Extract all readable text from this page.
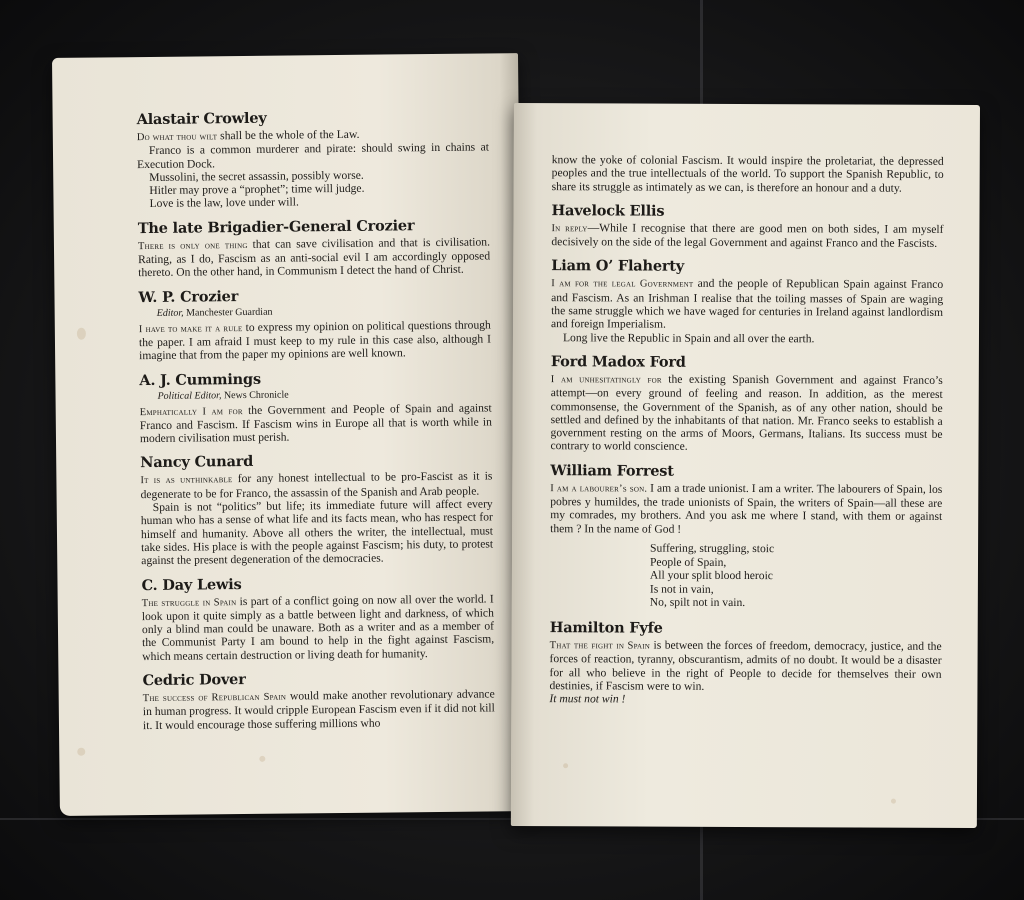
Alastair Crowley

Do what thou wilt shall be the whole of the Law.

Franco is a common murderer and pirate: should swing in chains at Execution Dock.

Mussolini, the secret assassin, possibly worse.

Hitler may prove a “prophet”; time will judge.

Love is the law, love under will.

The late Brigadier-General Crozier

There is only one thing that can save civilisation and that is civilisation. Rating, as I do, Fascism as an anti-social evil I am accordingly opposed thereto. On the other hand, in Communism I detect the hand of Christ.

W. P. Crozier
Editor, Manchester Guardian

I have to make it a rule to express my opinion on political questions through the paper. I am afraid I must keep to my rule in this case also, although I imagine that from the paper my opinions are well known.

A. J. Cummings
Political Editor, News Chronicle

Emphatically I am for the Government and People of Spain and against Franco and Fascism. If Fascism wins in Europe all that is worth while in modern civilisation must perish.

Nancy Cunard

It is as unthinkable for any honest intellectual to be pro-Fascist as it is degenerate to be for Franco, the assassin of the Spanish and Arab people.

Spain is not “politics” but life; its immediate future will affect every human who has a sense of what life and its facts mean, who has respect for himself and humanity. Above all others the writer, the intellectual, must take sides. His place is with the people against Fascism; his duty, to protest against the present degeneration of the democracies.

C. Day Lewis

The struggle in Spain is part of a conflict going on now all over the world. I look upon it quite simply as a battle between light and darkness, of which only a blind man could be unaware. Both as a writer and as a member of the Communist Party I am bound to help in the fight against Fascism, which means certain destruction or living death for humanity.

Cedric Dover

The success of Republican Spain would make another revolutionary advance in human progress. It would cripple European Fascism even if it did not kill it. It would encourage those suffering millions who

know the yoke of colonial Fascism. It would inspire the proletariat, the depressed peoples and the true intellectuals of the world. To support the Spanish Republic, to share its struggle as intimately as we can, is therefore an honour and a duty.

Havelock Ellis

In reply—While I recognise that there are good men on both sides, I am myself decisively on the side of the legal Government and against Franco and the Fascists.

Liam O’ Flaherty

I am for the legal Government and the people of Republican Spain against Franco and Fascism. As an Irishman I realise that the toiling masses of Spain are waging the same struggle which we have waged for centuries in Ireland against landlordism and foreign Imperialism.

Long live the Republic in Spain and all over the earth.

Ford Madox Ford

I am unhesitatingly for the existing Spanish Government and against Franco’s attempt—on every ground of feeling and reason. In addition, as the merest commonsense, the Government of the Spanish, as of any other nation, should be settled and defined by the inhabitants of that nation. Mr. Franco seeks to establish a government resting on the arms of Moors, Germans, Italians. Its success must be contrary to world conscience.

William Forrest

I am a labourer’s son. I am a trade unionist. I am a writer. The labourers of Spain, los pobres y humildes, the trade unionists of Spain, the writers of Spain—all these are my comrades, my brothers. And you ask me where I stand, with them or against them ? In the name of God !

Suffering, struggling, stoic
People of Spain,
All your split blood heroic
Is not in vain,
No, spilt not in vain.
Hamilton Fyfe

That the fight in Spain is between the forces of freedom, democracy, justice, and the forces of reaction, tyranny, obscurantism, admits of no doubt. It would be a disaster for all who believe in the right of People to decide for themselves their own destinies, if Fascism were to win.

It must not win !
